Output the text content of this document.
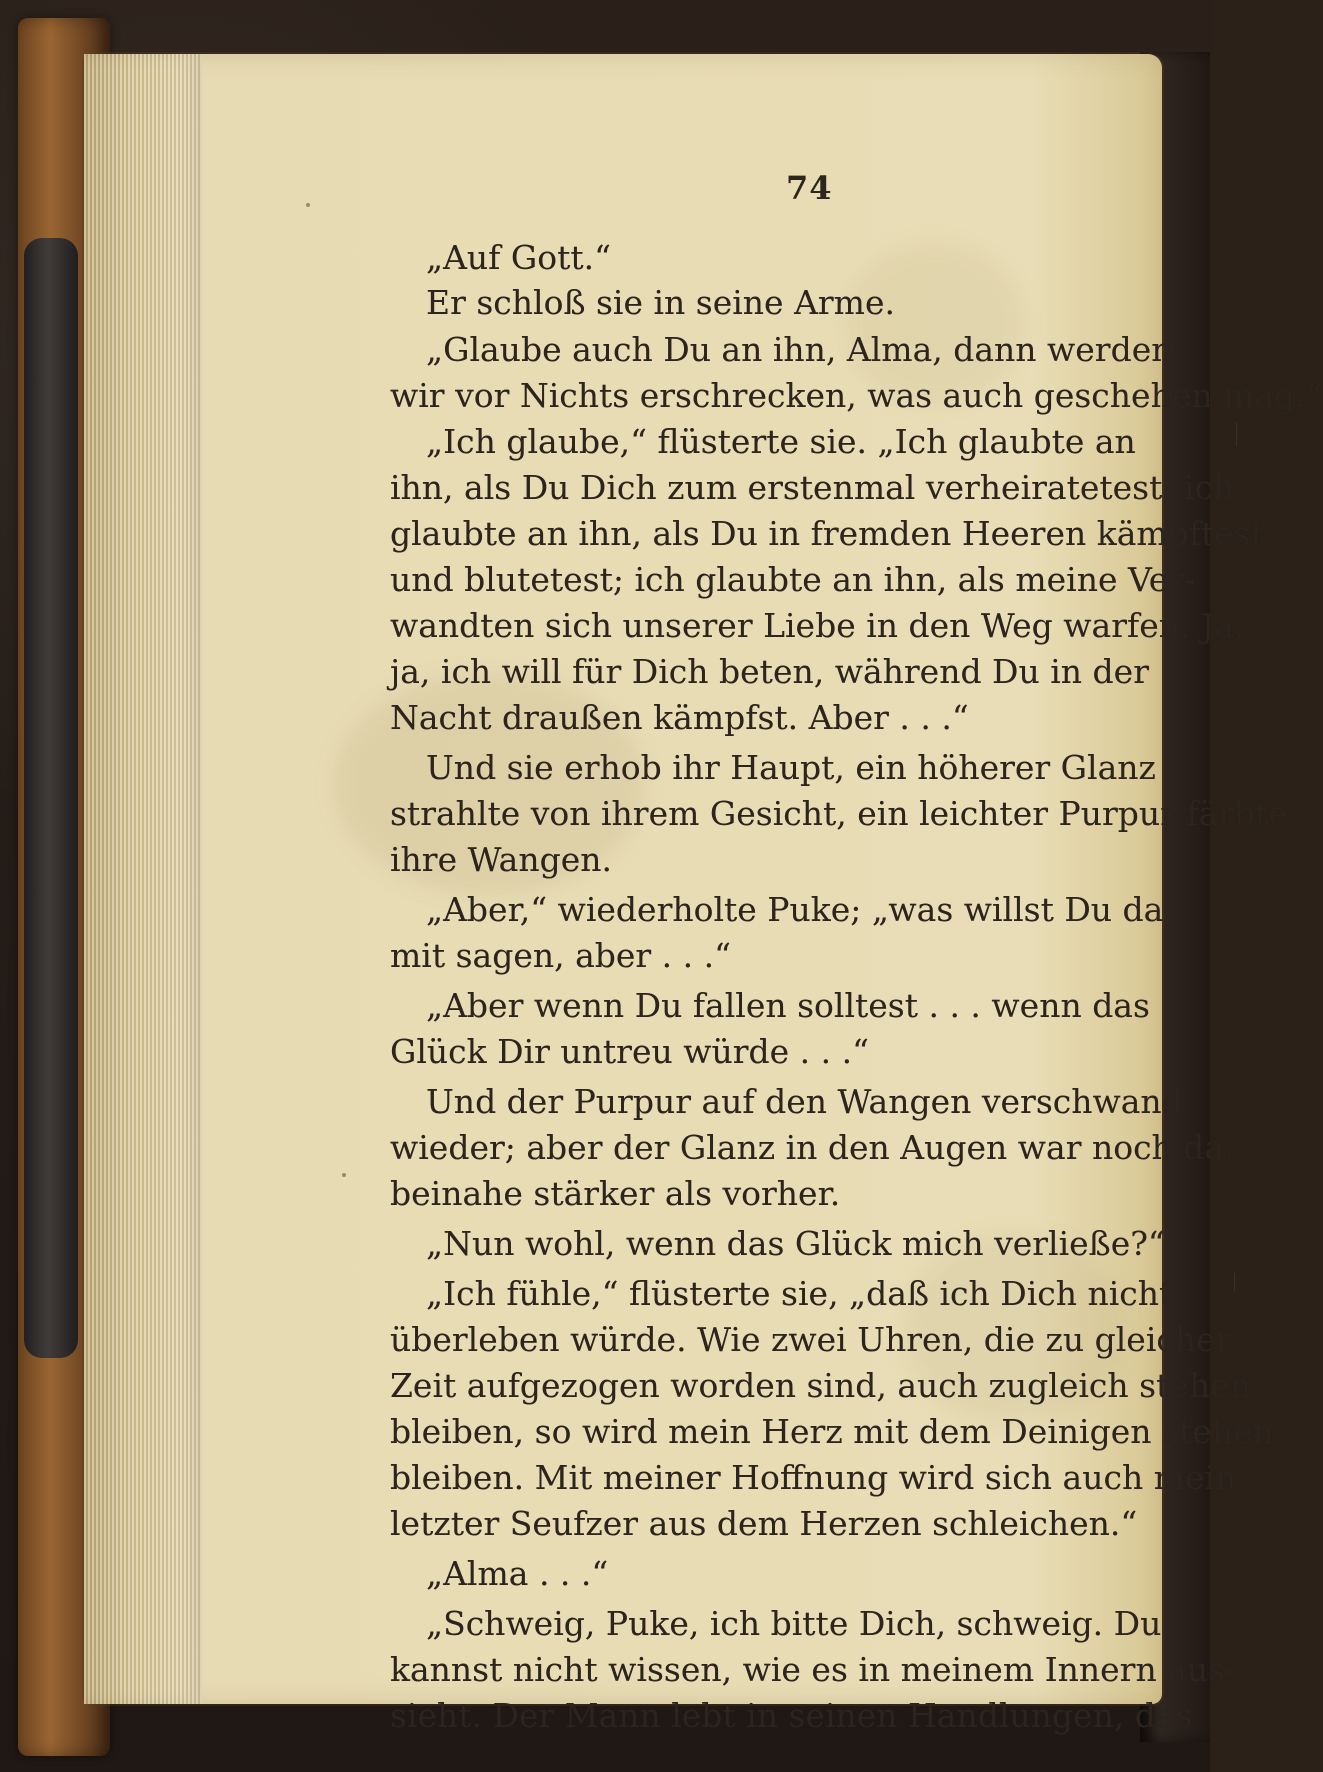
74
„Auf Gott.“
Er schloß sie in seine Arme.
„Glaube auch Du an ihn, Alma, dann werden
wir vor Nichts erschrecken, was auch geschehen mag.“
„Ich glaube,“ flüsterte sie. „Ich glaubte an
ihn, als Du Dich zum erstenmal verheiratetest; ich
glaubte an ihn, als Du in fremden Heeren kämpftest
und blutetest; ich glaubte an ihn, als meine Ver-
wandten sich unserer Liebe in den Weg warfen. Ja,
ja, ich will für Dich beten, während Du in der
Nacht draußen kämpfst. Aber . . .“
Und sie erhob ihr Haupt, ein höherer Glanz
strahlte von ihrem Gesicht, ein leichter Purpur färbte
ihre Wangen.
„Aber,“ wiederholte Puke; „was willst Du da-
mit sagen, aber . . .“
„Aber wenn Du fallen solltest . . . wenn das
Glück Dir untreu würde . . .“
Und der Purpur auf den Wangen verschwand
wieder; aber der Glanz in den Augen war noch da,
beinahe stärker als vorher.
„Nun wohl, wenn das Glück mich verließe?“
„Ich fühle,“ flüsterte sie, „daß ich Dich nicht
überleben würde. Wie zwei Uhren, die zu gleicher
Zeit aufgezogen worden sind, auch zugleich stehen
bleiben, so wird mein Herz mit dem Deinigen stehen
bleiben. Mit meiner Hoffnung wird sich auch mein
letzter Seufzer aus dem Herzen schleichen.“
„Alma . . .“
„Schweig, Puke, ich bitte Dich, schweig. Du
kannst nicht wissen, wie es in meinem Innern aus-
sieht. Der Mann lebt in seinen Handlungen, das
